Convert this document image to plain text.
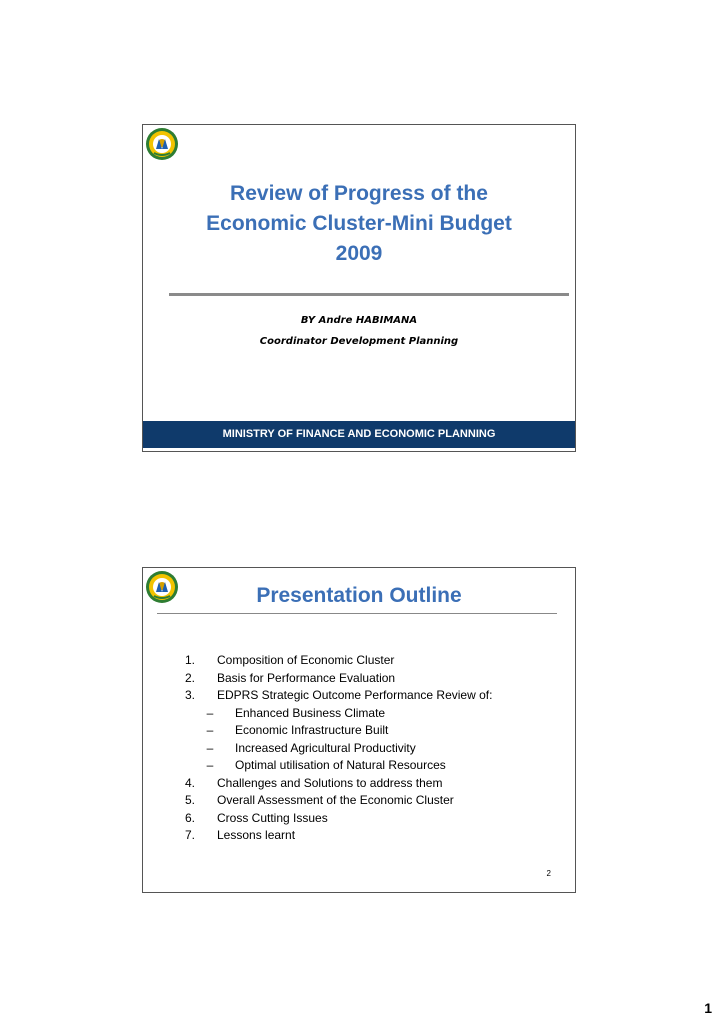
Review of Progress of the
Economic Cluster-Mini Budget
2009
BY Andre HABIMANA
Coordinator Development Planning
MINISTRY OF FINANCE AND ECONOMIC PLANNING
Presentation Outline
1.	Composition of Economic Cluster
2.	Basis for Performance Evaluation
3.	EDPRS Strategic Outcome Performance Review of:
–	Enhanced Business Climate
–	Economic Infrastructure Built
–	Increased Agricultural Productivity
–	Optimal utilisation of Natural Resources
4.	Challenges and Solutions to address them
5.	Overall Assessment of the Economic Cluster
6.	Cross Cutting Issues
7.	Lessons learnt
2
1
